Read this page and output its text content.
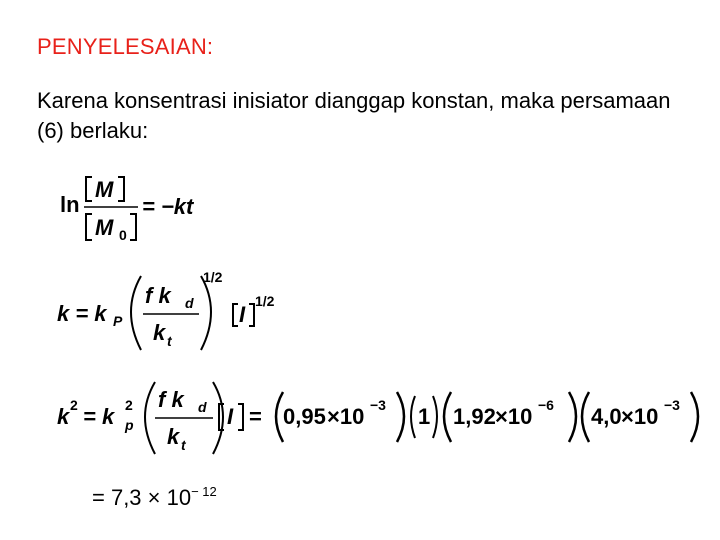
PENYELESAIAN:
Karena konsentrasi inisiator dianggap konstan, maka persamaan (6) berlaku:
ln
M
M 0
= −kt
k = k P
f k d
k t
1/2
I
1/2
k 2 = k 2
p
f k d
k t
I = 0,95 ×10 −3 1 1,92 ×10 −6 4,0 ×10 −3
= $7,3 \times 10^{- 12}$
